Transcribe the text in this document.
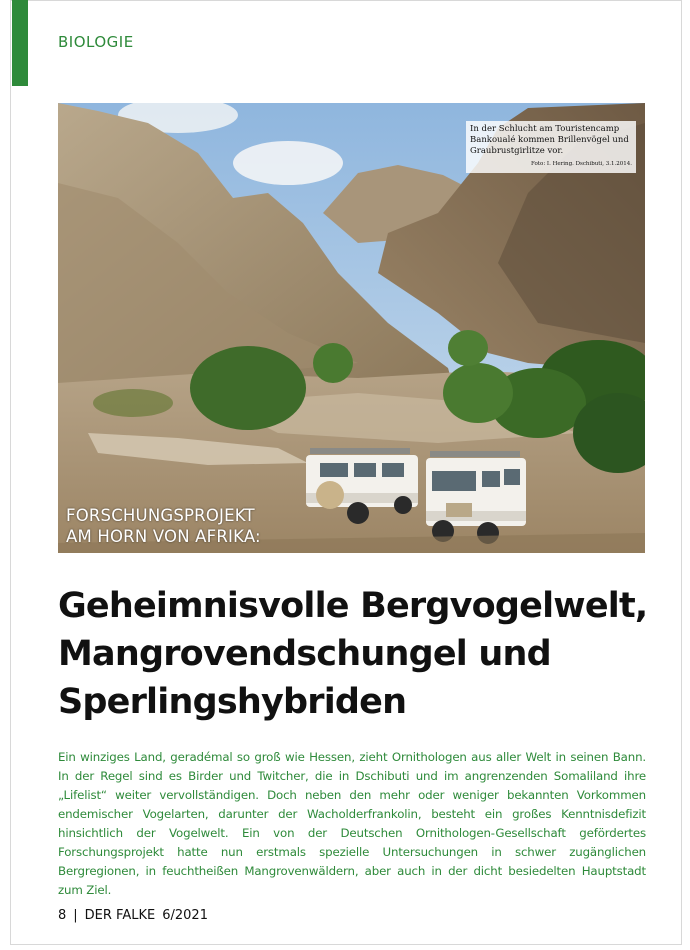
BIOLOGIE
In der Schlucht am Touristencamp Bankoualé kommen Brillenvögel und Graubrustgirlitze vor.
Foto: I. Hering. Dschibuti, 3.1.2014.
FORSCHUNGSPROJEKT
AM HORN VON AFRIKA:
Geheimnisvolle Bergvogelwelt,
Mangrovendschungel und
Sperlingshybriden

Ein winziges Land, geradémal so groß wie Hessen, zieht Ornithologen aus aller Welt in seinen Bann. In der Regel sind es Birder und Twitcher, die in Dschibuti und im angrenzenden Somaliland ihre „Lifelist“ weiter vervollständigen. Doch neben den mehr oder weniger bekannten Vorkommen endemischer Vogelarten, darunter der Wacholderfrankolin, besteht ein großes Kenntnisdefizit hinsichtlich der Vogelwelt. Ein von der Deutschen Ornithologen-Gesellschaft gefördertes Forschungsprojekt hatte nun erstmals spezielle Untersuchungen in schwer zugänglichen Bergregionen, in feuchtheißen Mangrovenwäldern, aber auch in der dicht besiedelten Hauptstadt zum Ziel.

8 | DER FALKE 6/2021
